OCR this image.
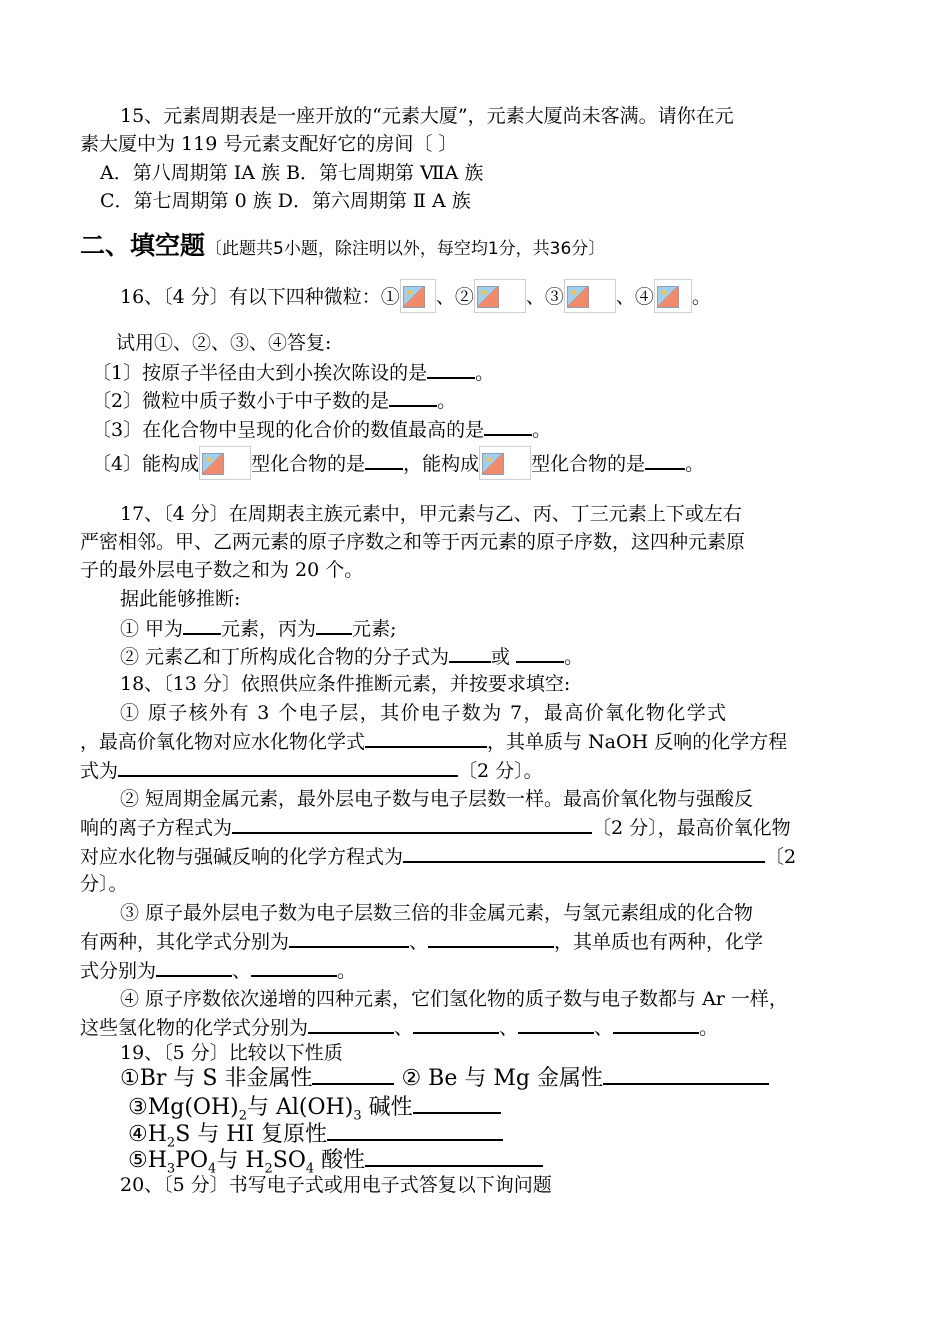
15、元素周期表是一座开放的“元素大厦”，元素大厦尚未客满。请你在元
素大厦中为 119 号元素支配好它的房间〔 〕
A．第八周期第 IA 族 B．第七周期第 ⅦA 族
C．第七周期第 0 族 D．第六周期第 Ⅱ A 族
二、填空题〔此题共5小题，除注明以外，每空均1分，共36分〕
16、〔4 分〕有以下四种微粒：① 、②	、③	、④ 。
试用①、②、③、④答复:
〔1〕按原子半径由大到小挨次陈设的是	。
〔2〕微粒中质子数小于中子数的是	。
〔3〕在化合物中呈现的化合价的数值最高的是	。
〔4〕能构成	型化合物的是 ，能构成	型化合物的是 。
17、〔4 分〕在周期表主族元素中，甲元素与乙、丙、丁三元素上下或左右
严密相邻。甲、乙两元素的原子序数之和等于丙元素的原子序数，这四种元素原
子的最外层电子数之和为 20 个。
据此能够推断:
① 甲为 元素，丙为 元素;
② 元素乙和丁所构成化合物的分子式为 或	。
18、〔13 分〕依照供应条件推断元素，并按要求填空:
① 原子核外有 3 个电子层，其价电子数为 7，最高价氧化物化学式
，最高价氧化物对应水化物化学式	，其单质与 NaOH 反响的化学方程
式为	〔2 分〕。
② 短周期金属元素，最外层电子数与电子层数一样。最高价氧化物与强酸反
响的离子方程式为	〔2 分〕，最高价氧化物
对应水化物与强碱反响的化学方程式为	〔2
分〕。
③ 原子最外层电子数为电子层数三倍的非金属元素，与氢元素组成的化合物
有两种，其化学式分别为	、	，其单质也有两种，化学
式分别为	、	。
④ 原子序数依次递增的四种元素，它们氢化物的质子数与电子数都与 Ar 一样，
这些氢化物的化学式分别为	、	、	、	。
19、〔5 分〕比较以下性质
①Br 与 S 非金属性	② Be 与 Mg 金属性
$③Mg(OH)_2$与 $Al(OH)_3$ 碱性
$④H_2S$ 与 HI 复原性
$⑤H_3PO_4$与 $H_2SO_4$ 酸性
20、〔5 分〕书写电子式或用电子式答复以下询问题
